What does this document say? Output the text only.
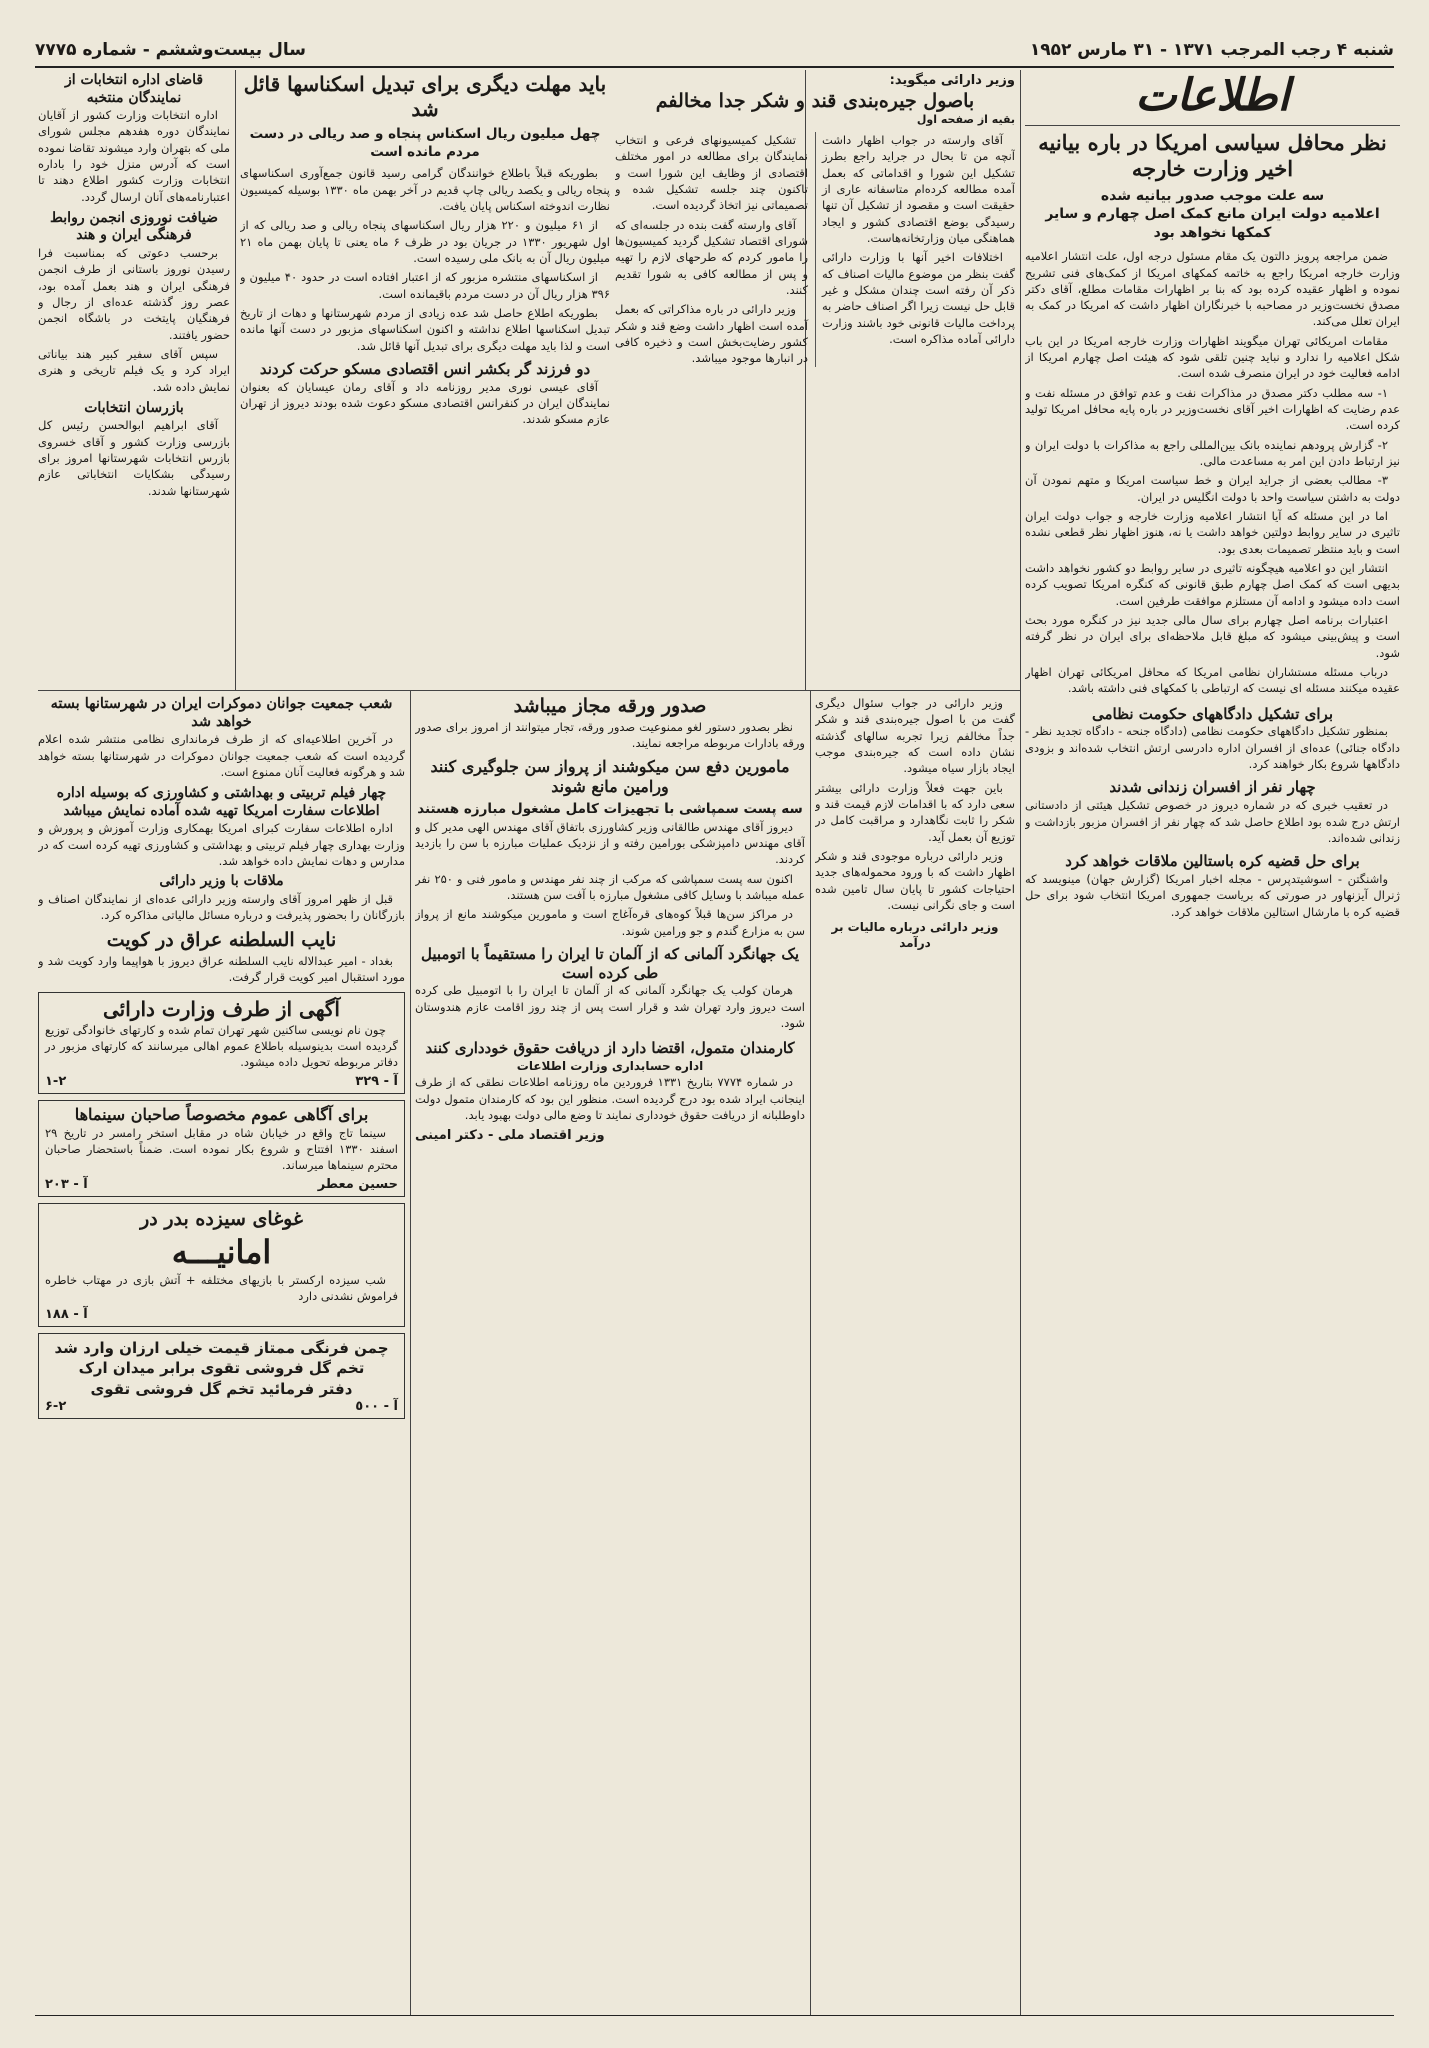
شنبه ۴ رجب المرجب ۱۳۷۱ - ۳۱ مارس ۱۹۵۲
سال بیست‌وششم - شماره ۷۷۷۵
اطلاعات
نظر محافل سیاسی امریکا در باره بیانیه اخیر وزارت خارجه
سه علت موجب صدور بیانیه شده
اعلامیه دولت ایران مانع کمک اصل چهارم و سایر کمکها نخواهد بود

ضمن مراجعه پرویز دالتون یک مقام مسئول درجه اول، علت انتشار اعلامیه وزارت خارجه امریکا راجع به خاتمه کمکهای امریکا از کمک‌های فنی تشریح نموده و اظهار عقیده کرده بود که بنا بر اظهارات مقامات مطلع، آقای دکتر مصدق نخست‌وزیر در مصاحبه با خبرنگاران اظهار داشت که امریکا در کمک به ایران تعلل می‌کند.

مقامات امریکائی تهران میگویند اظهارات وزارت خارجه امریکا در این باب شکل اعلامیه را ندارد و نباید چنین تلقی شود که هیئت اصل چهارم امریکا از ادامه فعالیت خود در ایران منصرف شده است.

۱- سه مطلب دکتر مصدق در مذاکرات نفت و عدم توافق در مسئله نفت و عدم رضایت که اظهارات اخیر آقای نخست‌وزیر در باره پایه محافل امریکا تولید کرده است.

۲- گزارش پرودهم نماینده بانک بین‌المللی راجع به مذاکرات با دولت ایران و نیز ارتباط دادن این امر به مساعدت مالی.

۳- مطالب بعضی از جراید ایران و خط سیاست امریکا و متهم نمودن آن دولت به داشتن سیاست واحد با دولت انگلیس در ایران.

اما در این مسئله که آیا انتشار اعلامیه وزارت خارجه و جواب دولت ایران تاثیری در سایر روابط دولتین خواهد داشت یا نه، هنوز اظهار نظر قطعی نشده است و باید منتظر تصمیمات بعدی بود.

انتشار این دو اعلامیه هیچگونه تاثیری در سایر روابط دو کشور نخواهد داشت بدیهی است که کمک اصل چهارم طبق قانونی که کنگره امریکا تصویب کرده است داده میشود و ادامه آن مستلزم موافقت طرفین است.

اعتبارات برنامه اصل چهارم برای سال مالی جدید نیز در کنگره مورد بحث است و پیش‌بینی میشود که مبلغ قابل ملاحظه‌ای برای ایران در نظر گرفته شود.

درباب مسئله مستشاران نظامی امریکا که محافل امریکائی تهران اظهار عقیده میکنند مسئله ای نیست که ارتباطی با کمکهای فنی داشته باشد.

برای تشکیل دادگاههای حکومت نظامی

بمنظور تشکیل دادگاههای حکومت نظامی (دادگاه جنحه - دادگاه تجدید نظر - دادگاه جنائی) عده‌ای از افسران اداره دادرسی ارتش انتخاب شده‌اند و بزودی دادگاهها شروع بکار خواهند کرد.

چهار نفر از افسران زندانی شدند

در تعقیب خبری که در شماره دیروز در خصوص تشکیل هیئتی از دادستانی ارتش درج شده بود اطلاع حاصل شد که چهار نفر از افسران مزبور بازداشت و زندانی شده‌اند.

برای حل قضیه کره باستالین ملاقات خواهد کرد

واشنگتن - اسوشیتدپرس - مجله اخبار امریکا (گزارش جهان) مینویسد که ژنرال آیزنهاور در صورتی که بریاست جمهوری امریکا انتخاب شود برای حل قضیه کره با مارشال استالین ملاقات خواهد کرد.

وزیر دارائی میگوید:
باصول جیره‌بندی قند و شکر جدا مخالفم
بقیه از صفحه اول

آقای وارسته در جواب اظهار داشت آنچه من تا بحال در جراید راجع بطرز تشکیل این شورا و اقداماتی که بعمل آمده مطالعه کرده‌ام متاسفانه عاری از حقیقت است و مقصود از تشکیل آن تنها رسیدگی بوضع اقتصادی کشور و ایجاد هماهنگی میان وزارتخانه‌هاست.

اختلافات اخیر آنها با وزارت دارائی گفت بنظر من موضوع مالیات اصناف که ذکر آن رفته است چندان مشکل و غیر قابل حل نیست زیرا اگر اصناف حاضر به پرداخت مالیات قانونی خود باشند وزارت دارائی آماده مذاکره است.

تشکیل کمیسیونهای فرعی و انتخاب نمایندگان برای مطالعه در امور مختلف اقتصادی از وظایف این شورا است و تاکنون چند جلسه تشکیل شده و تصمیماتی نیز اتخاذ گردیده است.

آقای وارسته گفت بنده در جلسه‌ای که شورای اقتصاد تشکیل گردید کمیسیون‌ها را مامور کردم که طرحهای لازم را تهیه و پس از مطالعه کافی به شورا تقدیم کنند.

وزیر دارائی در باره مذاکراتی که بعمل آمده است اظهار داشت وضع قند و شکر کشور رضایت‌بخش است و ذخیره کافی در انبارها موجود میباشد.

باید مهلت دیگری برای تبدیل اسکناسها قائل شد
چهل میلیون ریال اسکناس پنجاه و صد ریالی در دست مردم مانده است

بطوریکه قبلاً باطلاع خوانندگان گرامی رسید قانون جمع‌آوری اسکناسهای پنجاه ریالی و یکصد ریالی چاپ قدیم در آخر بهمن ماه ۱۳۳۰ بوسیله کمیسیون نظارت اندوخته اسکناس پایان یافت.

از ۶۱ میلیون و ۲۲۰ هزار ریال اسکناسهای پنجاه ریالی و صد ریالی که از اول شهریور ۱۳۳۰ در جریان بود در ظرف ۶ ماه یعنی تا پایان بهمن ماه ۲۱ میلیون ریال آن به بانک ملی رسیده است.

از اسکناسهای منتشره مزبور که از اعتبار افتاده است در حدود ۴۰ میلیون و ۳۹۶ هزار ریال آن در دست مردم باقیمانده است.

بطوریکه اطلاع حاصل شد عده زیادی از مردم شهرستانها و دهات از تاریخ تبدیل اسکناسها اطلاع نداشته و اکنون اسکناسهای مزبور در دست آنها مانده است و لذا باید مهلت دیگری برای تبدیل آنها قائل شد.

دو فرزند گر بکشر انس اقتصادی مسکو حرکت کردند

آقای عیسی نوری مدیر روزنامه داد و آقای رمان عیسایان که بعنوان نمایندگان ایران در کنفرانس اقتصادی مسکو دعوت شده بودند دیروز از تهران عازم مسکو شدند.

قاضای اداره انتخابات از نمایندگان منتخبه

اداره انتخابات وزارت کشور از آقایان نمایندگان دوره هفدهم مجلس شورای ملی که بتهران وارد میشوند تقاضا نموده است که آدرس منزل خود را باداره انتخابات وزارت کشور اطلاع دهند تا اعتبارنامه‌های آنان ارسال گردد.

ضیافت نوروزی انجمن روابط فرهنگی ایران و هند

برحسب دعوتی که بمناسبت فرا رسیدن نوروز باستانی از طرف انجمن فرهنگی ایران و هند بعمل آمده بود، عصر روز گذشته عده‌ای از رجال و فرهنگیان پایتخت در باشگاه انجمن حضور یافتند.

سپس آقای سفیر کبیر هند بیاناتی ایراد کرد و یک فیلم تاریخی و هنری نمایش داده شد.

بازرسان انتخابات

آقای ابراهیم ابوالحسن رئیس کل بازرسی وزارت کشور و آقای خسروی بازرس انتخابات شهرستانها امروز برای رسیدگی بشکایات انتخاباتی عازم شهرستانها شدند.

وزیر دارائی در جواب سئوال دیگری گفت من با اصول جیره‌بندی قند و شکر جداً مخالفم زیرا تجربه سالهای گذشته نشان داده است که جیره‌بندی موجب ایجاد بازار سیاه میشود.

باین جهت فعلاً وزارت دارائی بیشتر سعی دارد که با اقدامات لازم قیمت قند و شکر را ثابت نگاهدارد و مراقبت کامل در توزیع آن بعمل آید.

وزیر دارائی درباره موجودی قند و شکر اظهار داشت که با ورود محموله‌های جدید احتیاجات کشور تا پایان سال تامین شده است و جای نگرانی نیست.

وزیر دارائی درباره مالیات بر درآمد
صدور ورقه مجاز میباشد

نظر بصدور دستور لغو ممنوعیت صدور ورقه، تجار میتوانند از امروز برای صدور ورقه بادارات مربوطه مراجعه نمایند.

مامورین دفع سن میکوشند از پرواز سن جلوگیری کنند
ورامین مانع شوند
سه پست سمپاشی با تجهیزات کامل مشغول مبارزه هستند

دیروز آقای مهندس طالقانی وزیر کشاورزی باتفاق آقای مهندس الهی مدیر کل و آقای مهندس دامپزشکی بورامین رفته و از نزدیک عملیات مبارزه با سن را بازدید کردند.

اکنون سه پست سمپاشی که مرکب از چند نفر مهندس و مامور فنی و ۲۵۰ نفر عمله میباشد با وسایل کافی مشغول مبارزه با آفت سن هستند.

در مراکز سن‌ها قبلاً کوه‌های قره‌آغاج است و مامورین میکوشند مانع از پرواز سن به مزارع گندم و جو ورامین شوند.

یک جهانگرد آلمانی که از آلمان تا ایران را مستقیماً با اتومبیل طی کرده است

هرمان کولب یک جهانگرد آلمانی که از آلمان تا ایران را با اتومبیل طی کرده است دیروز وارد تهران شد و قرار است پس از چند روز اقامت عازم هندوستان شود.

کارمندان متمول، اقتضا دارد از دریافت حقوق خودداری کنند
اداره حسابداری وزارت اطلاعات

در شماره ۷۷۷۴ بتاریخ ۱۳۳۱ فروردین ماه روزنامه اطلاعات نطقی که از طرف اینجانب ایراد شده بود درج گردیده است. منظور این بود که کارمندان متمول دولت داوطلبانه از دریافت حقوق خودداری نمایند تا وضع مالی دولت بهبود یابد.

وزیر اقتصاد ملی - دکتر امینی
شعب جمعیت جوانان دموکرات ایران در شهرستانها بسته خواهد شد

در آخرین اطلاعیه‌ای که از طرف فرمانداری نظامی منتشر شده اعلام گردیده است که شعب جمعیت جوانان دموکرات در شهرستانها بسته خواهد شد و هرگونه فعالیت آنان ممنوع است.

چهار فیلم تربیتی و بهداشتی و کشاورزی که بوسیله اداره اطلاعات سفارت امریکا تهیه شده آماده نمایش میباشد

اداره اطلاعات سفارت کبرای امریکا بهمکاری وزارت آموزش و پرورش و وزارت بهداری چهار فیلم تربیتی و بهداشتی و کشاورزی تهیه کرده است که در مدارس و دهات نمایش داده خواهد شد.

ملاقات با وزیر دارائی

قبل از ظهر امروز آقای وارسته وزیر دارائی عده‌ای از نمایندگان اصناف و بازرگانان را بحضور پذیرفت و درباره مسائل مالیاتی مذاکره کرد.

نایب السلطنه عراق در کویت

بغداد - امیر عبدالاله نایب السلطنه عراق دیروز با هواپیما وارد کویت شد و مورد استقبال امیر کویت قرار گرفت.

آگهی از طرف وزارت دارائی

چون نام نویسی ساکنین شهر تهران تمام شده و کارتهای خانوادگی توزیع گردیده است بدینوسیله باطلاع عموم اهالی میرسانند که کارتهای مزبور در دفاتر مربوطه تحویل داده میشود.

آ - ۳۲۹
۱-۲
برای آگاهی عموم مخصوصاً صاحبان سینماها

سینما تاج واقع در خیابان شاه در مقابل استخر رامسر در تاریخ ۲۹ اسفند ۱۳۳۰ افتتاح و شروع بکار نموده است. ضمناً باستحضار صاحبان محترم سینماها میرساند.

حسین معطر
آ - ۲۰۳
غوغای سیزده بدر در
امانیـــه

شب سیزده ارکستر با بازیهای مختلفه + آتش بازی در مهتاب خاطره فراموش نشدنی دارد

آ - ۱۸۸
چمن فرنگی ممتاز قیمت خیلی ارزان وارد شد
تخم گل فروشی تقوی برابر میدان ارک
دفتر فرمائید تخم گل فروشی تقوی
آ - ٥٠٠
۶-۲
